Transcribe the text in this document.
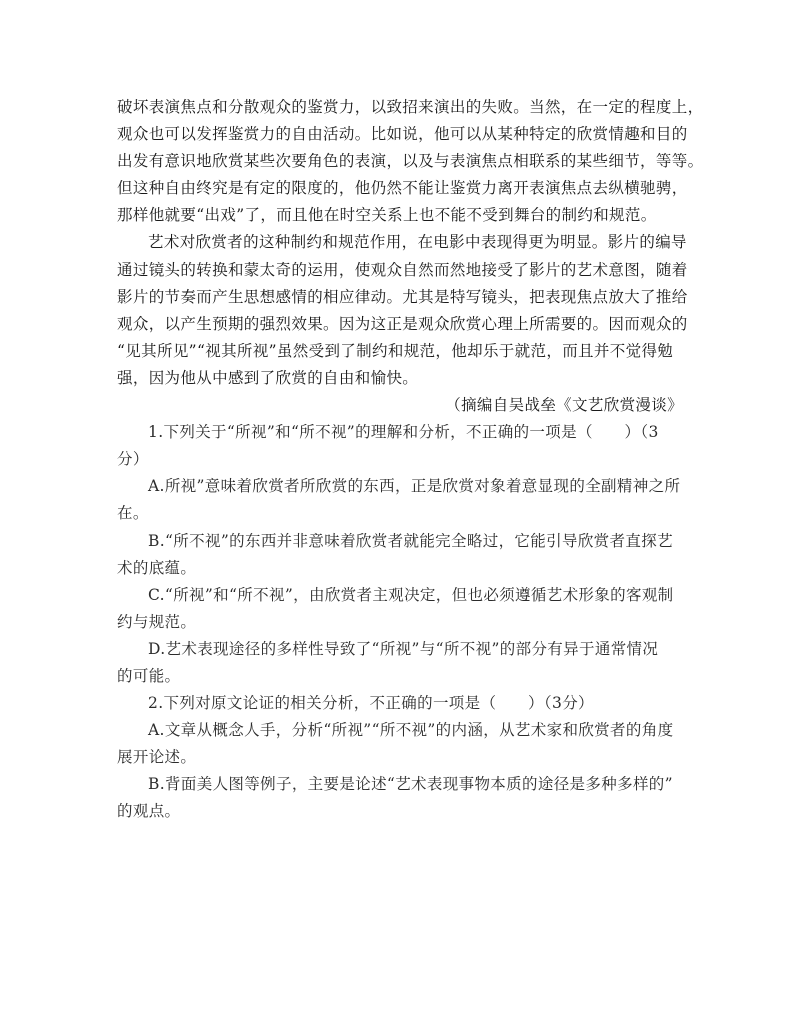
破坏表演焦点和分散观众的鉴赏力，以致招来演出的失败。当然，在一定的程度上，
观众也可以发挥鉴赏力的自由活动。比如说，他可以从某种特定的欣赏情趣和目的
出发有意识地欣赏某些次要角色的表演，以及与表演焦点相联系的某些细节，等等。
但这种自由终究是有定的限度的，他仍然不能让鉴赏力离开表演焦点去纵横驰骋，
那样他就要“出戏”了，而且他在时空关系上也不能不受到舞台的制约和规范。
艺术对欣赏者的这种制约和规范作用，在电影中表现得更为明显。影片的编导
通过镜头的转换和蒙太奇的运用，使观众自然而然地接受了影片的艺术意图，随着
影片的节奏而产生思想感情的相应律动。尤其是特写镜头，把表现焦点放大了推给
观众，以产生预期的强烈效果。因为这正是观众欣赏心理上所需要的。因而观众的
“见其所见”“视其所视”虽然受到了制约和规范，他却乐于就范，而且并不觉得勉
强，因为他从中感到了欣赏的自由和愉快。
（摘编自吴战垒《文艺欣赏漫谈》
1.下列关于“所视”和“所不视”的理解和分析，不正确的一项是（　　）（3
分）
A.所视”意味着欣赏者所欣赏的东西，正是欣赏对象着意显现的全副精神之所
在。
B.“所不视”的东西并非意味着欣赏者就能完全略过，它能引导欣赏者直探艺
术的底蕴。
C.“所视”和“所不视”，由欣赏者主观决定，但也必须遵循艺术形象的客观制
约与规范。
D.艺术表现途径的多样性导致了“所视”与“所不视”的部分有异于通常情况
的可能。
2.下列对原文论证的相关分析，不正确的一项是（　　）（3分）
A.文章从概念人手，分析“所视”“所不视”的内涵，从艺术家和欣赏者的角度
展开论述。
B.背面美人图等例子，主要是论述“艺术表现事物本质的途径是多种多样的”
的观点。
